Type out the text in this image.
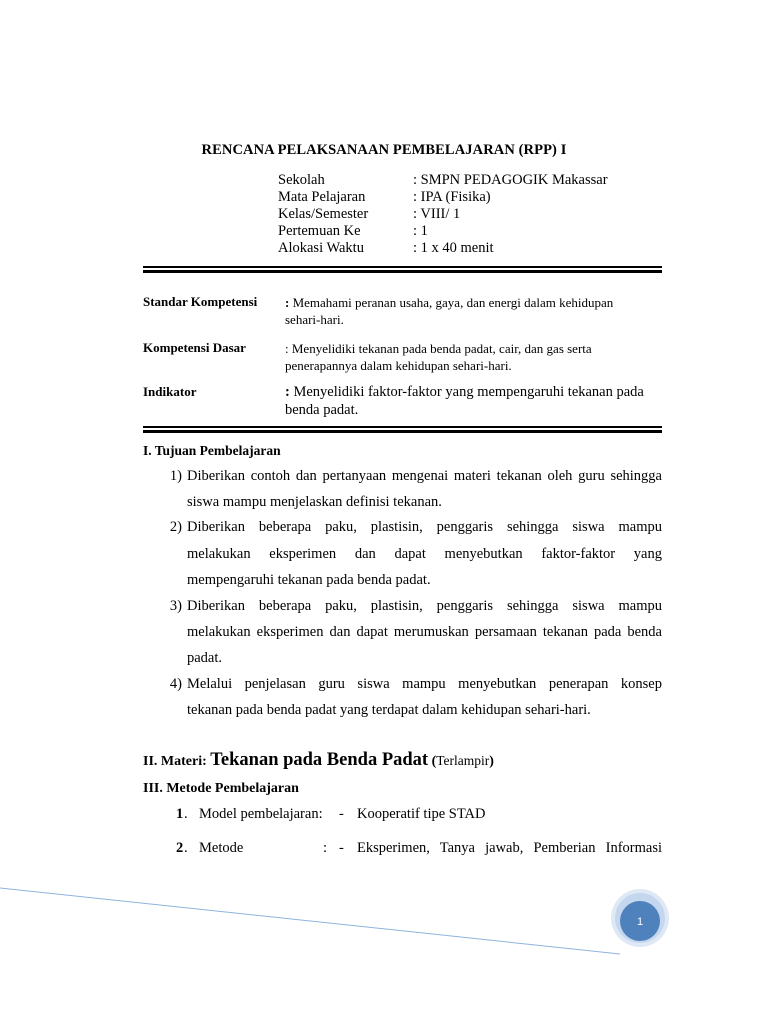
RENCANA PELAKSANAAN PEMBELAJARAN (RPP) I
Sekolah	: SMPN PEDAGOGIK Makassar
Mata Pelajaran	: IPA (Fisika)
Kelas/Semester	: VIII/ 1
Pertemuan Ke	: 1
Alokasi Waktu	: 1 x 40 menit
Standar Kompetensi : Memahami peranan usaha, gaya, dan energi dalam kehidupan
sehari-hari.
Kompetensi Dasar	: Menyelidiki tekanan pada benda padat, cair, dan gas serta
penerapannya dalam kehidupan sehari-hari.
Indikator	: Menyelidiki faktor-faktor yang mempengaruhi tekanan pada
benda padat.
I. Tujuan Pembelajaran
1) Diberikan contoh dan pertanyaan mengenai materi tekanan oleh guru sehingga
siswa mampu menjelaskan definisi tekanan.
2) Diberikan beberapa paku, plastisin, penggaris sehingga siswa mampu
melakukan eksperimen dan dapat menyebutkan faktor-faktor yang
mempengaruhi tekanan pada benda padat.
3) Diberikan beberapa paku, plastisin, penggaris sehingga siswa mampu
melakukan eksperimen dan dapat merumuskan persamaan tekanan pada benda
padat.
4) Melalui penjelasan guru siswa mampu menyebutkan penerapan konsep
tekanan pada benda padat yang terdapat dalam kehidupan sehari-hari.
II. Materi: Tekanan pada Benda Padat (Terlampir)
III. Metode Pembelajaran
1 . Model pembelajaran: - Kooperatif tipe STAD
2 . Metode	: - Eksperimen, Tanya jawab, Pemberian Informasi
1
